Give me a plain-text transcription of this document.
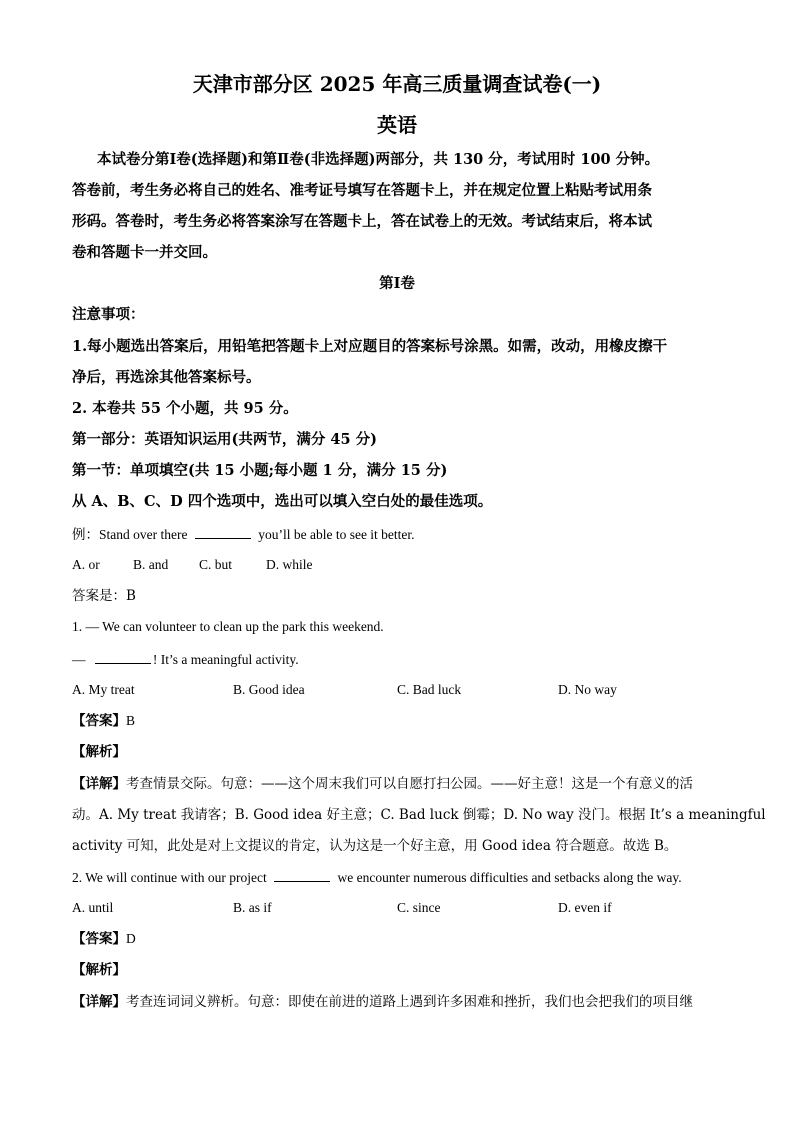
天津市部分区 2025 年高三质量调查试卷(一)
英语
本试卷分第Ⅰ卷(选择题)和第Ⅱ卷(非选择题)两部分，共 130 分，考试用时 100 分钟。
答卷前，考生务必将自己的姓名、准考证号填写在答题卡上，并在规定位置上粘贴考试用条
形码。答卷时，考生务必将答案涂写在答题卡上，答在试卷上的无效。考试结束后，将本试
卷和答题卡一并交回。
第Ⅰ卷
注意事项：
1.每小题选出答案后，用铅笔把答题卡上对应题目的答案标号涂黑。如需，改动，用橡皮擦干
净后，再选涂其他答案标号。
2. 本卷共 55 个小题，共 95 分。
第一部分：英语知识运用(共两节，满分 45 分)
第一节：单项填空(共 15 小题;每小题 1 分，满分 15 分)
从 A、B、C、D 四个选项中，选出可以填入空白处的最佳选项。
例：Stand over there	you’ll be able to see it better.
A. or B. and C. but	D. while
答案是：B
1. — We can volunteer to clean up the park this weekend.
—	! It’s a meaningful activity.
A. My treat	B. Good idea	C. Bad luck	D. No way
【答案】B
【解析】
【详解】考查情景交际。句意：——这个周末我们可以自愿打扫公园。——好主意！这是一个有意义的活
动。A. My treat 我请客；B. Good idea 好主意；C. Bad luck 倒霉；D. No way 没门。根据 It’s a meaningful
activity 可知，此处是对上文提议的肯定，认为这是一个好主意，用 Good idea 符合题意。故选 B。
2. We will continue with our project	we encounter numerous difficulties and setbacks along the way.
A. until	B. as if	C. since	D. even if
【答案】D
【解析】
【详解】考查连词词义辨析。句意：即使在前进的道路上遇到许多困难和挫折，我们也会把我们的项目继
